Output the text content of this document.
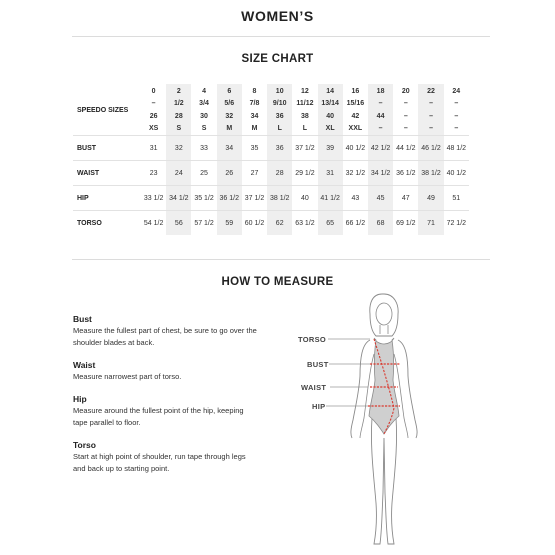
WOMEN’S
SIZE CHART
SPEEDO SIZES	0	2	4	6	8	10	12	14	16	18	20	22	24
	–	1/2	3/4	5/6	7/8	9/10	11/12	13/14	15/16	–	–	–	–
	26	28	30	32	34	36	38	40	42	44	–	–	–
	XS	S	S	M	M	L	L	XL	XXL	–	–	–	–
BUST	31	32	33	34	35	36	37 1/2	39	40 1/2	42 1/2	44 1/2	46 1/2	48 1/2
WAIST	23	24	25	26	27	28	29 1/2	31	32 1/2	34 1/2	36 1/2	38 1/2	40 1/2
HIP	33 1/2	34 1/2	35 1/2	36 1/2	37 1/2	38 1/2	40	41 1/2	43	45	47	49	51
TORSO	54 1/2	56	57 1/2	59	60 1/2	62	63 1/2	65	66 1/2	68	69 1/2	71	72 1/2
HOW TO MEASURE
Bust
Measure the fullest part of chest, be sure to go over the shoulder blades at back.
Waist
Measure narrowest part of torso.
Hip
Measure around the fullest point of the hip, keeping tape parallel to floor.
Torso
Start at high point of shoulder, run tape through legs and back up to starting point.
TORSO
BUST
WAIST
HIP
